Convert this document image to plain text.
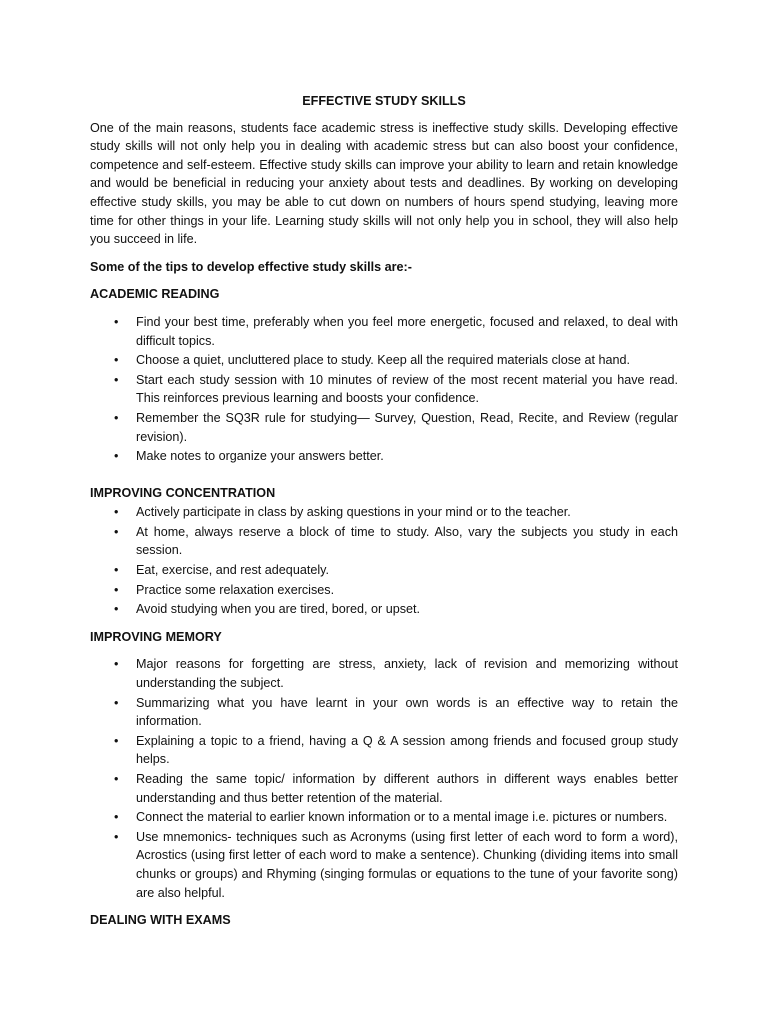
EFFECTIVE STUDY SKILLS

One of the main reasons, students face academic stress is ineffective study skills. Developing effective study skills will not only help you in dealing with academic stress but can also boost your confidence, competence and self-esteem. Effective study skills can improve your ability to learn and retain knowledge and would be beneficial in reducing your anxiety about tests and deadlines. By working on developing effective study skills, you may be able to cut down on numbers of hours spend studying, leaving more time for other things in your life. Learning study skills will not only help you in school, they will also help you succeed in life.

Some of the tips to develop effective study skills are:-

ACADEMIC READING
• Find your best time, preferably when you feel more energetic, focused and relaxed, to deal with difficult topics.
• Choose a quiet, uncluttered place to study. Keep all the required materials close at hand.
• Start each study session with 10 minutes of review of the most recent material you have read. This reinforces previous learning and boosts your confidence.
• Remember the SQ3R rule for studying— Survey, Question, Read, Recite, and Review (regular revision).
• Make notes to organize your answers better.
IMPROVING CONCENTRATION
• Actively participate in class by asking questions in your mind or to the teacher.
• At home, always reserve a block of time to study. Also, vary the subjects you study in each session.
• Eat, exercise, and rest adequately.
• Practice some relaxation exercises.
• Avoid studying when you are tired, bored, or upset.
IMPROVING MEMORY
• Major reasons for forgetting are stress, anxiety, lack of revision and memorizing without understanding the subject.
• Summarizing what you have learnt in your own words is an effective way to retain the information.
• Explaining a topic to a friend, having a Q & A session among friends and focused group study helps.
• Reading the same topic/ information by different authors in different ways enables better understanding and thus better retention of the material.
• Connect the material to earlier known information or to a mental image i.e. pictures or numbers.
• Use mnemonics- techniques such as Acronyms (using first letter of each word to form a word), Acrostics (using first letter of each word to make a sentence). Chunking (dividing items into small chunks or groups) and Rhyming (singing formulas or equations to the tune of your favorite song) are also helpful.
DEALING WITH EXAMS
